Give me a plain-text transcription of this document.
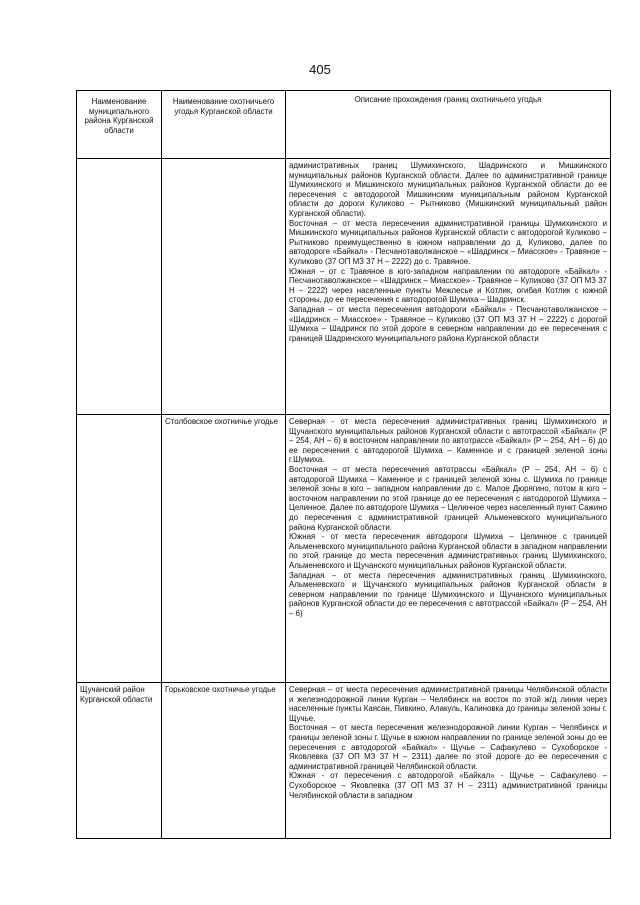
405
Наименование муниципального района Курганской области	Наименование охотничьего угодья Курганской области	Описание прохождения границ охотничьего угодья

		административных границ Шумихинского, Шадринского и Мишкинского муниципальных районов Курганской области. Далее по административной границе Шумихинского и Мишкинского муниципальных районов Курганской области до ее пересечения с автодорогой Мишкинским муниципальным районом Курганской области до дороги Куликово – Рытниково (Мишкинский муниципальный район Курганской области).

Восточная – от места пересечения административной границы Шумихинского и Мишкинского муниципальных районов Курганской области с автодорогой Куликово – Рытниково преимущественно в южном направлении до д. Куликово, далее по автодороге «Байкал» - Песчанотаволжанское – «Шадринск – Миасское» - Травяное – Куликово (37 ОП МЗ 37 Н – 2222) до с. Травяное.

Южная – от с Травяное в юго-западном направлении по автодороге «Байкал» - Песчанотаволжанское – «Шадринск – Миасское» - Травяное – Куликово (37 ОП МЗ 37 Н – 2222) через населенные пункты Межлесье и Котлик, огибая Котлик с южной стороны, до ее пересечения с автодорогой Шумиха – Шадринск.

Западная – от места пересечения автодороги «Байкал» - Песчанотаволжанское – «Шадринск – Миасское» - Травяное – Куликово (37 ОП МЗ 37 Н – 2222) с дорогой Шумиха – Шадринск по этой дороге в северном направлении до ее пересечения с границей Шадринского муниципального района Курганской области

	Столбовское охотничье угодье	Северная - от места пересечения административных границ Шумихинского и Щучанского муниципальных районов Курганской области с автотрассой «Байкал» (Р – 254, АН – 6) в восточном направлении по автотрассе «Байкал» (Р – 254, АН – 6) до ее пересечения с автодорогой Шумиха – Каменное и с границей зеленой зоны г.Шумиха.

Восточная – от места пересечения автотрассы «Байкал» (Р – 254, АН – 6) с автодорогой Шумиха – Каменное и с границей зеленой зоны с. Шумиха по границе зеленой зоны в юго – западном направлении до с. Малое Дюрягино, потом в юго – восточном направлении по этой границе до ее пересечения с автодорогой Шумиха – Целинное. Далее по автодороге Шумиха – Целинное через населенный пункт Сажино до пересечения с административной границей Альменевского муниципального района Курганской области.

Южная - от места пересечения автодороги Шумиха – Целинное с границей Альменевского муниципального района Курганской области в западном направлении по этой границе до места пересечения административных границ Шумихинского, Альменевского и Щучанского муниципальных районов Курганской области.

Западная – от места пересечения административных границ Шумихинского, Альменевского и Щучанского муниципальных районов Курганской области в северном направлении по границе Шумихинского и Щучанского муниципальных районов Курганской области до ее пересечения с автотрассой «Байкал» (Р – 254, АН – 6)

Щучанский район Курганской области	Горьковское охотничье угодье	Северная – от места пересечения административной границы Челябинской области и железнодорожной линии Курган – Челябинск на восток по этой ж/д линии через населенные пункты Каясан, Пивкино, Алакуль, Калиновка до границы зеленой зоны г. Щучье.

Восточная – от места пересечения железнодорожной линии Курган – Челябинск и границы зеленой зоны г. Щучье в южном направлении по границе зеленой зоны до ее пересечения с автодорогой «Байкал» - Щучье – Сафакулево – Сухоборское - Яковлевка (37 ОП МЗ 37 Н – 2311) далее по этой дороге до ее пересечения с административной границей Челябинской области.

Южная - от пересечения с автодорогой «Байкал» - Щучье – Сафакулево – Сухоборское – Яковлевка (37 ОП МЗ 37 Н – 2311) административной границы Челябинской области в западном
